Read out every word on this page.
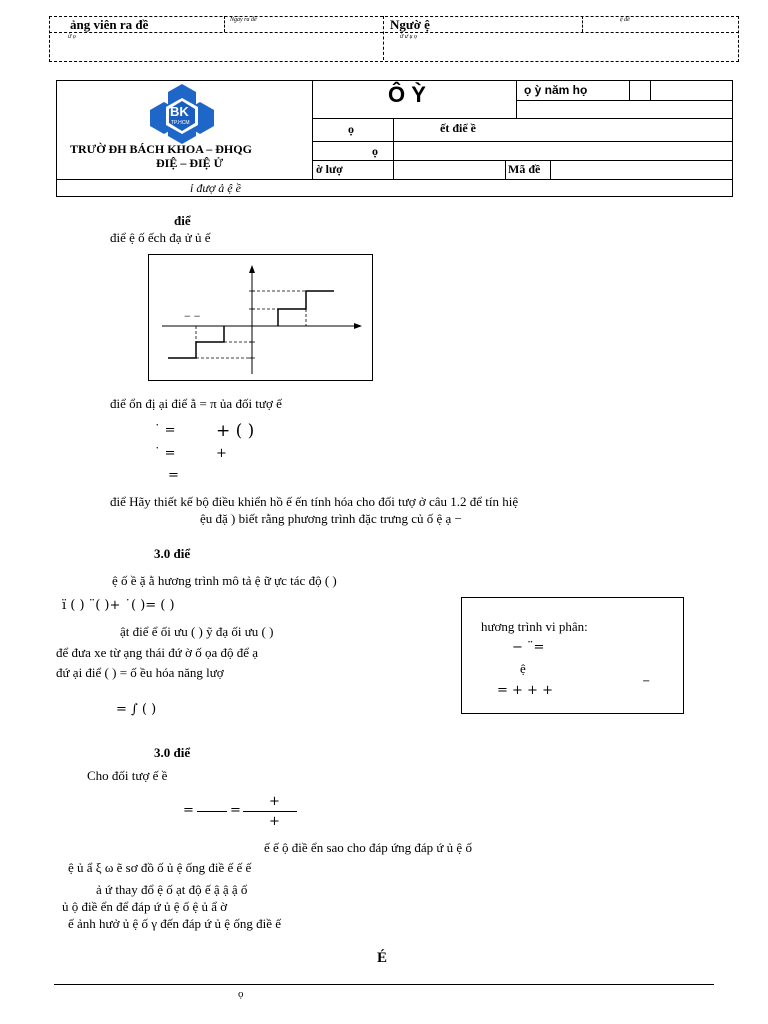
ảng viên ra đề	Ngày ra đề	Ngườ ệ	ệ đề
ữ ọ	ữ ư ụ ọ
BK
TP.HCM
TRƯỜ ĐH BÁCH KHOA – ĐHQG
ĐIỆ – ĐIỆ Ử
Ô Ỳ	ọ ỳ năm họ
ọ	ết điể ề
ọ
ờ lượ	Mã đề
ỉ đượ ả ệ ề
điể
điể ệ ố ếch đạ ử ủ ế
− −
điể ổn đị ại điể ằ = π ủa đối tượ ế
˙ = + ( )
˙ =	+
=
điể Hãy thiết kế bộ điều khiển hồ ế ến tính hóa cho đối tượ ở câu 1.2 để tín hiệ
ệu đặ ) biết rằng phương trình đặc trưng củ ố ệ ạ −
3.0 điể
ệ ố ề ặ ằ hương trình mô tả ệ ữ ực tác độ ( )
ï ( ) ¨( )+ ˙( )= ( )
ật điể ể ối ưu ( ) ỹ đạ ối ưu ( )
để đưa xe từ ạng thái đứ ờ ố ọa độ để ạ
đứ ại điể ( ) = ố ều hóa năng lượ
= ∫ ( )
hương trình vi phân:
− ¨=
ệ
= + + +
−
3.0 điể
Cho đối tượ ế ề
=	=
+
+
ế ế ộ điề ển sao cho đáp ứng đáp ứ ủ ệ ố
ệ ủ ẩ ξ ω ẽ sơ đồ ố ủ ệ ống điề ế ế ế
ả ứ thay đổ ệ ố ạt độ ế ậ ậ ậ ố
ủ ộ điề ển để đáp ứ ủ ệ ố ệ ủ ẩ ờ
ế ảnh hưở ủ ệ ố γ đến đáp ứ ủ ệ ống điề ế
É
ọ
